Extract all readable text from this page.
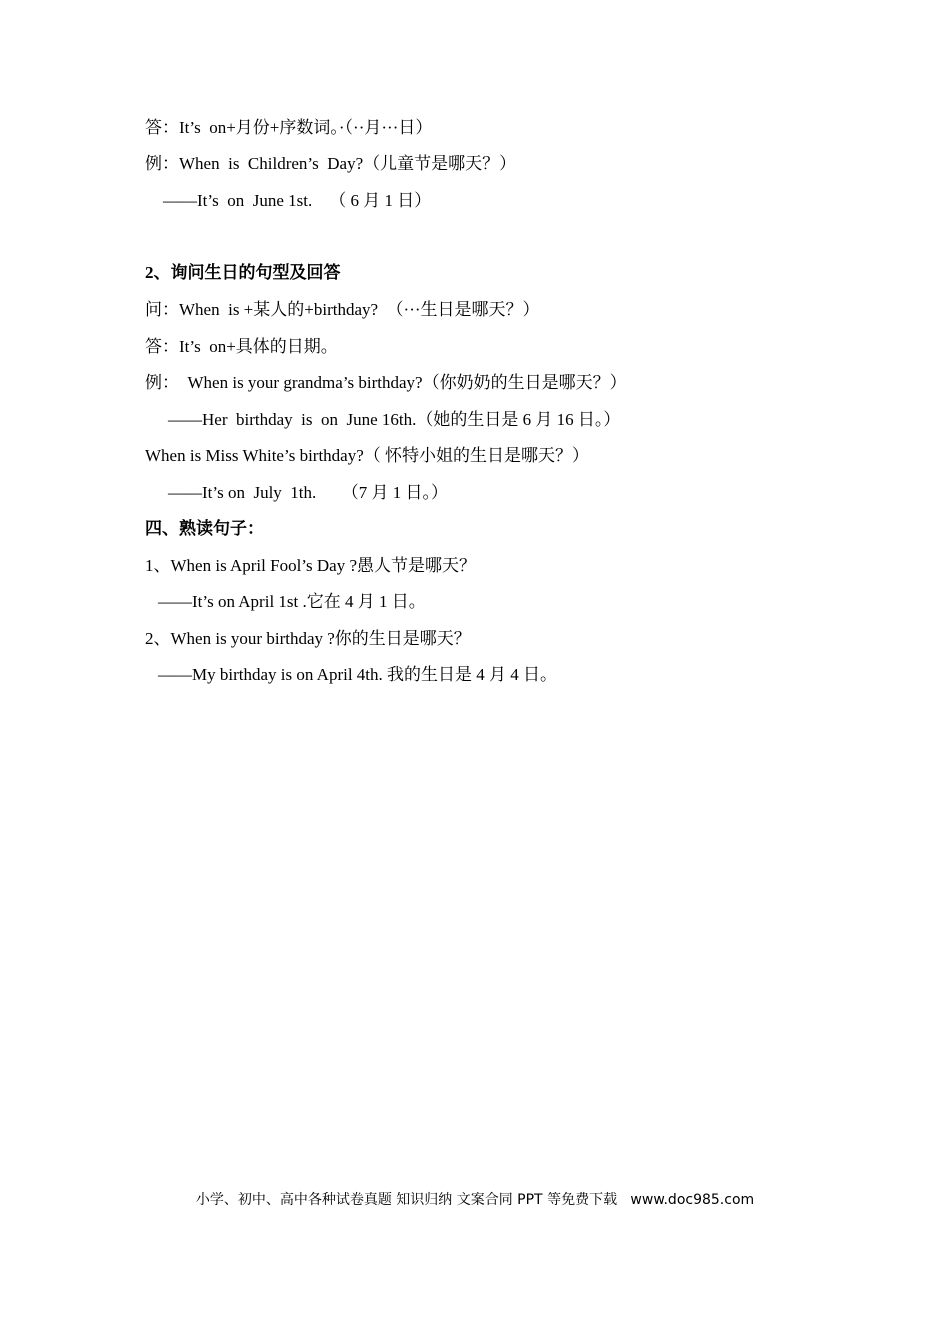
答：It’s  on+月份+序数词。·（··月···日）
例：When  is  Children’s  Day?（儿童节是哪天？）
——It’s  on  June 1st.    （ 6 月 1 日）
2、询问生日的句型及回答
问：When  is +某人的+birthday?  （···生日是哪天？）
答：It’s  on+具体的日期。
例：  When is your grandma’s birthday?（你奶奶的生日是哪天？）
——Her  birthday  is  on  June 16th.（她的生日是 6 月 16 日。）
When is Miss White’s birthday?（ 怀特小姐的生日是哪天？）
——It’s on  July  1th.      （7 月 1 日。）
四、熟读句子：
1、When is April Fool’s Day ?愚人节是哪天？
——It’s on April 1st .它在 4 月 1 日。
2、When is your birthday ?你的生日是哪天？
——My birthday is on April 4th. 我的生日是 4 月 4 日。
小学、初中、高中各种试卷真题 知识归纳 文案合同 PPT 等免费下载   www.doc985.com
